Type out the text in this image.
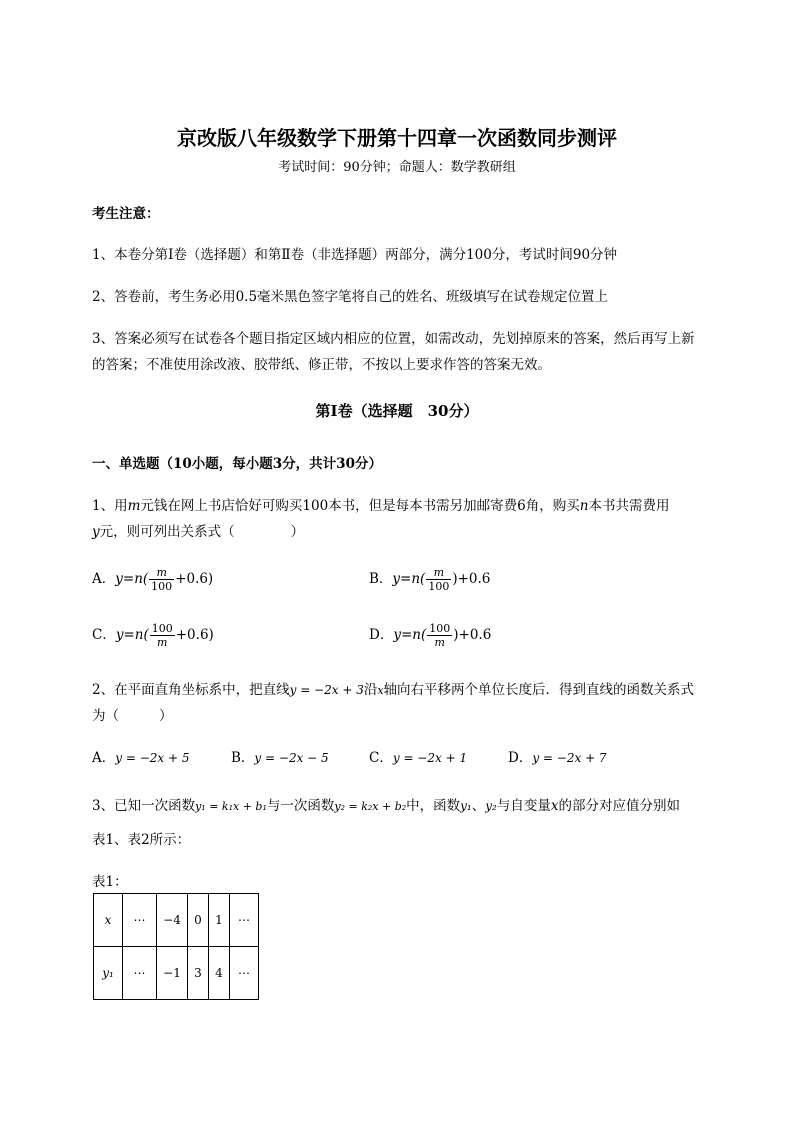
京改版八年级数学下册第十四章一次函数同步测评
考试时间：90分钟；命题人：数学教研组
考生注意：
1、本卷分第I卷（选择题）和第Ⅱ卷（非选择题）两部分，满分100分，考试时间90分钟
2、答卷前，考生务必用0.5毫米黑色签字笔将自己的姓名、班级填写在试卷规定位置上
3、答案必须写在试卷各个题目指定区域内相应的位置，如需改动，先划掉原来的答案，然后再写上新
的答案；不准使用涂改液、胶带纸、修正带，不按以上要求作答的答案无效。
第I卷（选择题　30分）
一、单选题（10小题，每小题3分，共计30分）
1、用m元钱在网上书店恰好可购买100本书，但是每本书需另加邮寄费6角，购买n本书共需费用
y元，则可列出关系式（	）
A．$y=n( \frac{m}{100} +0.6)$	B．$y=n( \frac{m}{100} )+0.6$
C．$y=n( \frac{100}{m} +0.6)$	D．$y=n( \frac{100}{m} )+0.6$
2、在平面直角坐标系中，把直线y = −2x + 3沿x轴向右平移两个单位长度后．得到直线的函数关系式
为（	）
A．y = −2x + 5	B．y = −2x − 5	C．y = −2x + 1	D．y = −2x + 7
3、已知一次函数y₁ = k₁x + b₁与一次函数y₂ = k₂x + b₂中，函数y₁、y₂与自变量x的部分对应值分别如
表1、表2所示：
表1：
x	⋯	−4	0	1	⋯
y₁	⋯	−1	3	4	⋯
